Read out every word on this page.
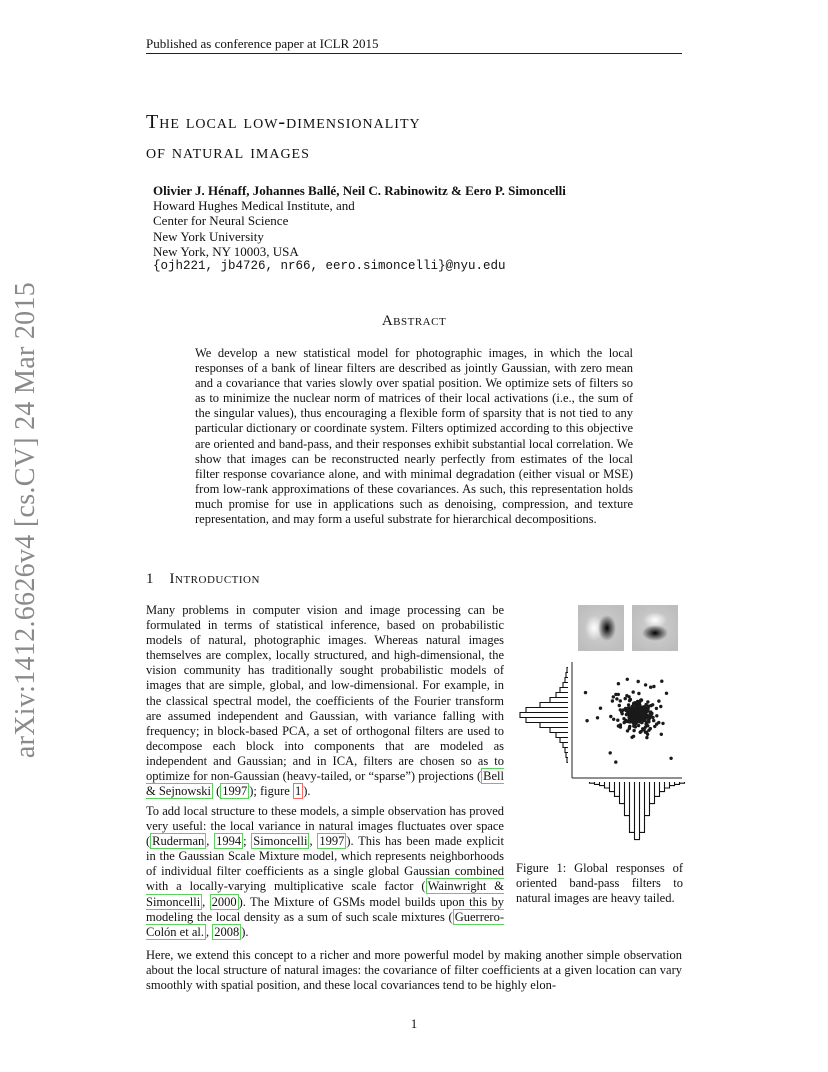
Published as conference paper at ICLR 2015
arXiv:1412.6626v4 [cs.CV] 24 Mar 2015
The local low-dimensionality
of natural images
Olivier J. Hénaff, Johannes Ballé, Neil C. Rabinowitz & Eero P. Simoncelli
Howard Hughes Medical Institute, and
Center for Neural Science
New York University
New York, NY 10003, USA
{ojh221, jb4726, nr66, eero.simoncelli}@nyu.edu
Abstract
We develop a new statistical model for photographic images, in which the local responses of a bank of linear filters are described as jointly Gaussian, with zero mean and a covariance that varies slowly over spatial position. We optimize sets of filters so as to minimize the nuclear norm of matrices of their local activations (i.e., the sum of the singular values), thus encouraging a flexible form of sparsity that is not tied to any particular dictionary or coordinate system. Filters optimized according to this objective are oriented and band-pass, and their responses exhibit substantial local correlation. We show that images can be reconstructed nearly perfectly from estimates of the local filter response covariance alone, and with minimal degradation (either visual or MSE) from low-rank approximations of these covariances. As such, this representation holds much promise for use in applications such as denoising, compression, and texture representation, and may form a useful substrate for hierarchical decompositions.
1 Introduction
Many problems in computer vision and image processing can be formulated in terms of statistical inference, based on probabilistic models of natural, photographic images. Whereas natural images themselves are complex, locally structured, and high-dimensional, the vision community has traditionally sought probabilistic models of images that are simple, global, and low-dimensional. For example, in the classical spectral model, the coefficients of the Fourier transform are assumed independent and Gaussian, with variance falling with frequency; in block-based PCA, a set of orthogonal filters are used to decompose each block into components that are modeled as independent and Gaussian; and in ICA, filters are chosen so as to optimize for non-Gaussian (heavy-tailed, or “sparse”) projections ( Bell & Sejnowski ( 1997 ); figure 1 ).
To add local structure to these models, a simple observation has proved very useful: the local variance in natural images fluctuates over space ( Ruderman , 1994 ; Simoncelli , 1997 ). This has been made explicit in the Gaussian Scale Mixture model, which represents neighborhoods of individual filter coefficients as a single global Gaussian combined with a locally-varying multiplicative scale factor ( Wainwright & Simoncelli , 2000 ). The Mixture of GSMs model builds upon this by modeling the local density as a sum of such scale mixtures ( Guerrero-Colón et al. , 2008 ).
Figure 1: Global responses of oriented band-pass filters to natural images are heavy tailed.
Here, we extend this concept to a richer and more powerful model by making another simple observation about the local structure of natural images: the covariance of filter coefficients at a given location can vary smoothly with spatial position, and these local covariances tend to be highly elon-
1
